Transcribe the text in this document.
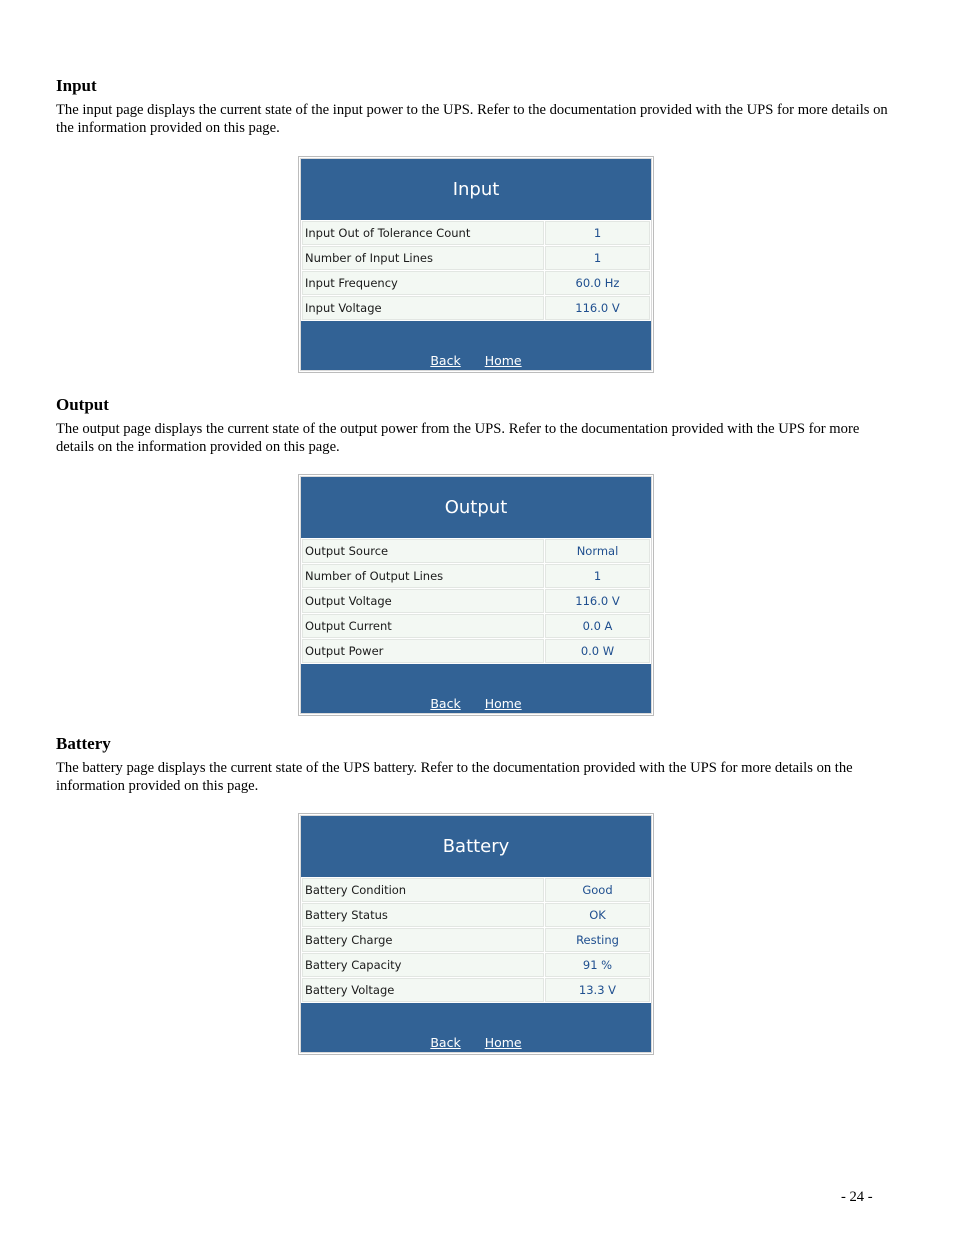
Input

The input page displays the current state of the input power to the UPS. Refer to the documentation provided with the UPS for more details on the information provided on this page.

Input
Input Out of Tolerance Count	1
Number of Input Lines	1
Input Frequency	60.0 Hz
Input Voltage	116.0 V
Back Home
Output

The output page displays the current state of the output power from the UPS. Refer to the documentation provided with the UPS for more details on the information provided on this page.

Output
Output Source	Normal
Number of Output Lines	1
Output Voltage	116.0 V
Output Current	0.0 A
Output Power	0.0 W
Back Home
Battery

The battery page displays the current state of the UPS battery. Refer to the documentation provided with the UPS for more details on the information provided on this page.

Battery
Battery Condition	Good
Battery Status	OK
Battery Charge	Resting
Battery Capacity	91 %
Battery Voltage	13.3 V
Back Home
- 24 -
